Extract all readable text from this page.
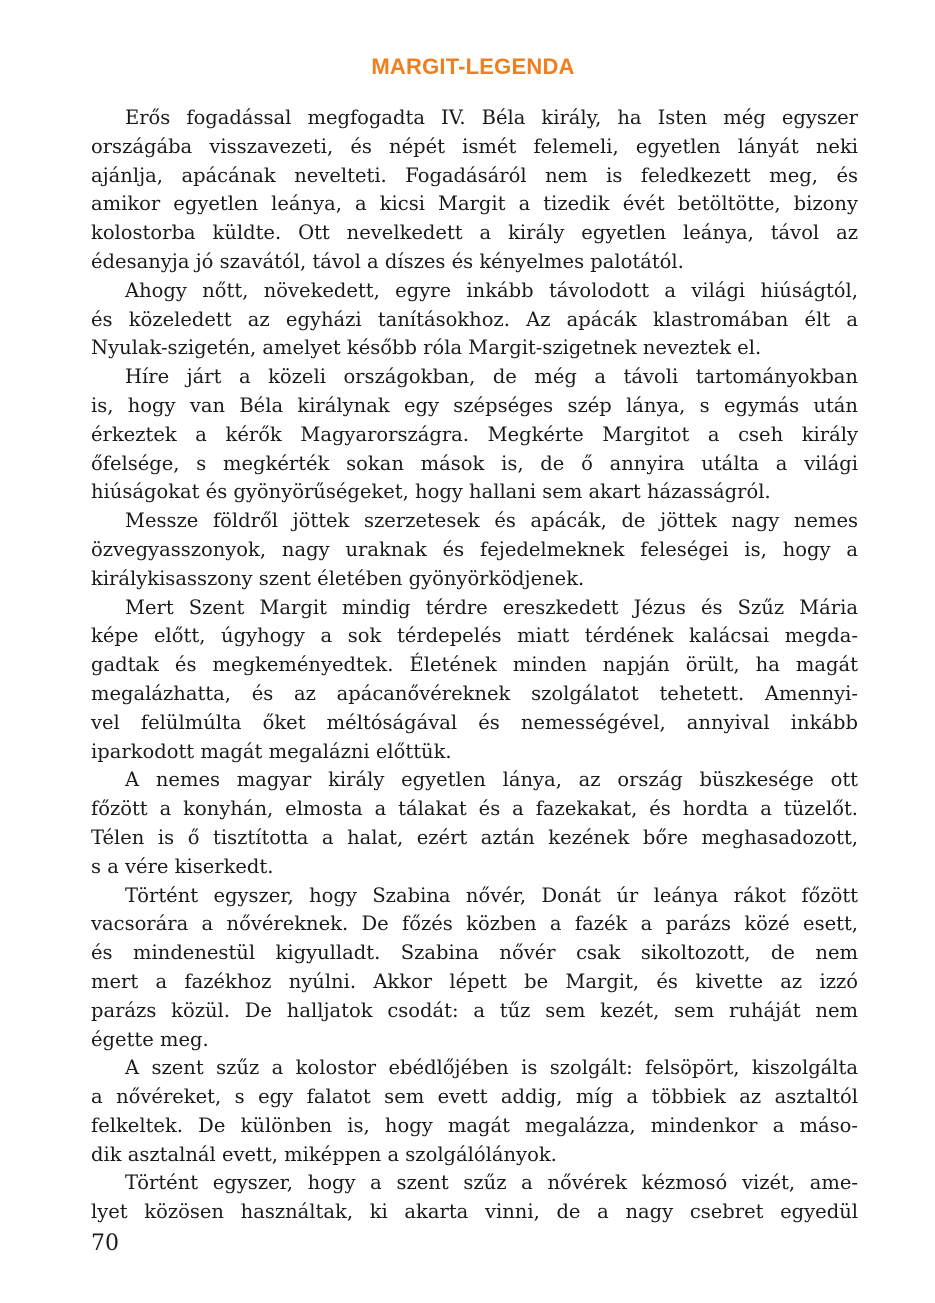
MARGIT-LEGENDA
Erős fogadással megfogadta IV. Béla király, ha Isten még egyszer
országába visszavezeti, és népét ismét felemeli, egyetlen lányát neki
ajánlja, apácának nevelteti. Fogadásáról nem is feledkezett meg, és
amikor egyetlen leánya, a kicsi Margit a tizedik évét betöltötte, bizony
kolostorba küldte. Ott nevelkedett a király egyetlen leánya, távol az
édesanyja jó szavától, távol a díszes és kényelmes palotától.
Ahogy nőtt, növekedett, egyre inkább távolodott a világi hiúságtól,
és közeledett az egyházi tanításokhoz. Az apácák klastromában élt a
Nyulak-szigetén, amelyet később róla Margit-szigetnek neveztek el.
Híre járt a közeli országokban, de még a távoli tartományokban
is, hogy van Béla királynak egy szépséges szép lánya, s egymás után
érkeztek a kérők Magyarországra. Megkérte Margitot a cseh király
őfelsége, s megkérték sokan mások is, de ő annyira utálta a világi
hiúságokat és gyönyörűségeket, hogy hallani sem akart házasságról.
Messze földről jöttek szerzetesek és apácák, de jöttek nagy nemes
özvegyasszonyok, nagy uraknak és fejedelmeknek feleségei is, hogy a
királykisasszony szent életében gyönyörködjenek.
Mert Szent Margit mindig térdre ereszkedett Jézus és Szűz Mária
képe előtt, úgyhogy a sok térdepelés miatt térdének kalácsai megda-
gadtak és megkeményedtek. Életének minden napján örült, ha magát
megalázhatta, és az apácanővéreknek szolgálatot tehetett. Amennyi-
vel felülmúlta őket méltóságával és nemességével, annyival inkább
iparkodott magát megalázni előttük.
A nemes magyar király egyetlen lánya, az ország büszkesége ott
főzött a konyhán, elmosta a tálakat és a fazekakat, és hordta a tüzelőt.
Télen is ő tisztította a halat, ezért aztán kezének bőre meghasadozott,
s a vére kiserkedt.
Történt egyszer, hogy Szabina nővér, Donát úr leánya rákot főzött
vacsorára a nővéreknek. De főzés közben a fazék a parázs közé esett,
és mindenestül kigyulladt. Szabina nővér csak sikoltozott, de nem
mert a fazékhoz nyúlni. Akkor lépett be Margit, és kivette az izzó
parázs közül. De halljatok csodát: a tűz sem kezét, sem ruháját nem
égette meg.
A szent szűz a kolostor ebédlőjében is szolgált: felsöpört, kiszolgálta
a nővéreket, s egy falatot sem evett addig, míg a többiek az asztaltól
felkeltek. De különben is, hogy magát megalázza, mindenkor a máso-
dik asztalnál evett, miképpen a szolgálólányok.
Történt egyszer, hogy a szent szűz a nővérek kézmosó vizét, ame-
lyet közösen használtak, ki akarta vinni, de a nagy csebret egyedül
70
